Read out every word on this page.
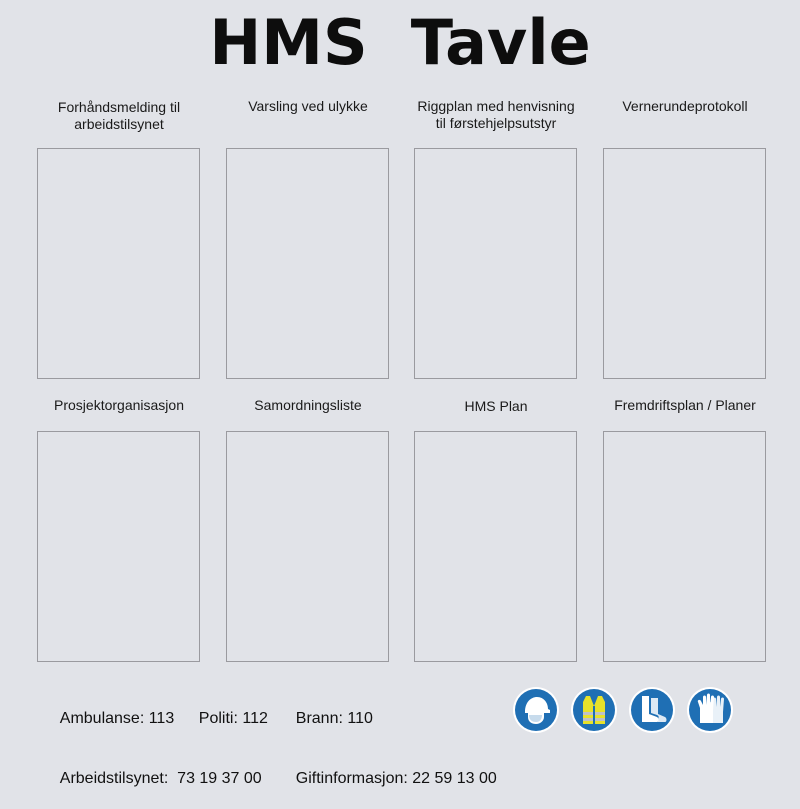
HMS  Tavle
Forhåndsmelding til
arbeidstilsynet
Varsling ved ulykke	Riggplan med henvisning
til førstehjelpsutstyr
Vernerundeprotokoll
Prosjektorganisasjon	Samordningsliste	HMS Plan	Fremdriftsplan / Planer

Ambulanse: 113 Politi: 112 Brann: 110

Arbeidstilsynet:  73 19 37 00 Giftinformasjon: 22 59 13 00
